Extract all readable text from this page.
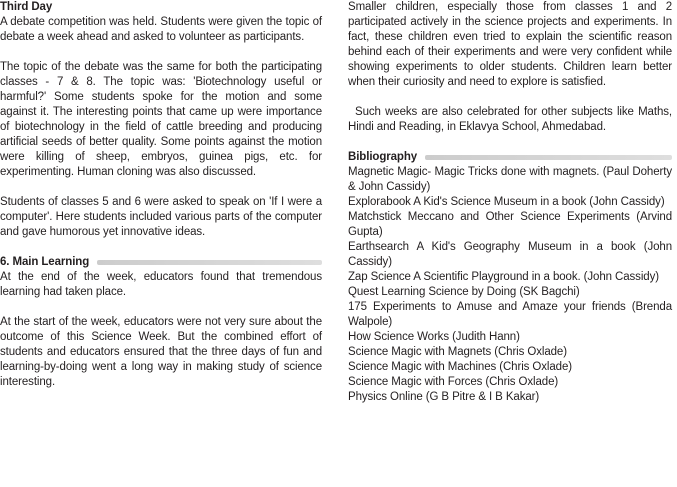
Third Day

A debate competition was held. Students were given the topic of debate a week ahead and asked to volunteer as participants.

The topic of the debate was the same for both the participating classes - 7 & 8. The topic was: 'Biotechnology useful or harmful?' Some students spoke for the motion and some against it. The interesting points that came up were importance of biotechnology in the field of cattle breeding and producing artificial seeds of better quality. Some points against the motion were killing of sheep, embryos, guinea pigs, etc. for experimenting. Human cloning was also discussed.

Students of classes 5 and 6 were asked to speak on 'If I were a computer'. Here students included various parts of the computer and gave humorous yet innovative ideas.

6. Main Learning

At the end of the week, educators found that tremendous learning had taken place.

At the start of the week, educators were not very sure about the outcome of this Science Week. But the combined effort of students and educators ensured that the three days of fun and learning-by-doing went a long way in making study of science interesting.

Smaller children, especially those from classes 1 and 2 participated actively in the science projects and experiments. In fact, these children even tried to explain the scientific reason behind each of their experiments and were very confident while showing experiments to older students. Children learn better when their curiosity and need to explore is satisfied.

Such weeks are also celebrated for other subjects like Maths, Hindi and Reading, in Eklavya School, Ahmedabad.

Bibliography
Magnetic Magic- Magic Tricks done with magnets. (Paul Doherty & John Cassidy)
Explorabook A Kid's Science Museum in a book (John Cassidy)
Matchstick Meccano and Other Science Experiments (Arvind Gupta)
Earthsearch A Kid's Geography Museum in a book (John Cassidy)
Zap Science A Scientific Playground in a book. (John Cassidy)
Quest Learning Science by Doing (SK Bagchi)
175 Experiments to Amuse and Amaze your friends (Brenda Walpole)
How Science Works (Judith Hann)
Science Magic with Magnets (Chris Oxlade)
Science Magic with Machines (Chris Oxlade)
Science Magic with Forces (Chris Oxlade)
Physics Online (G B Pitre & I B Kakar)
